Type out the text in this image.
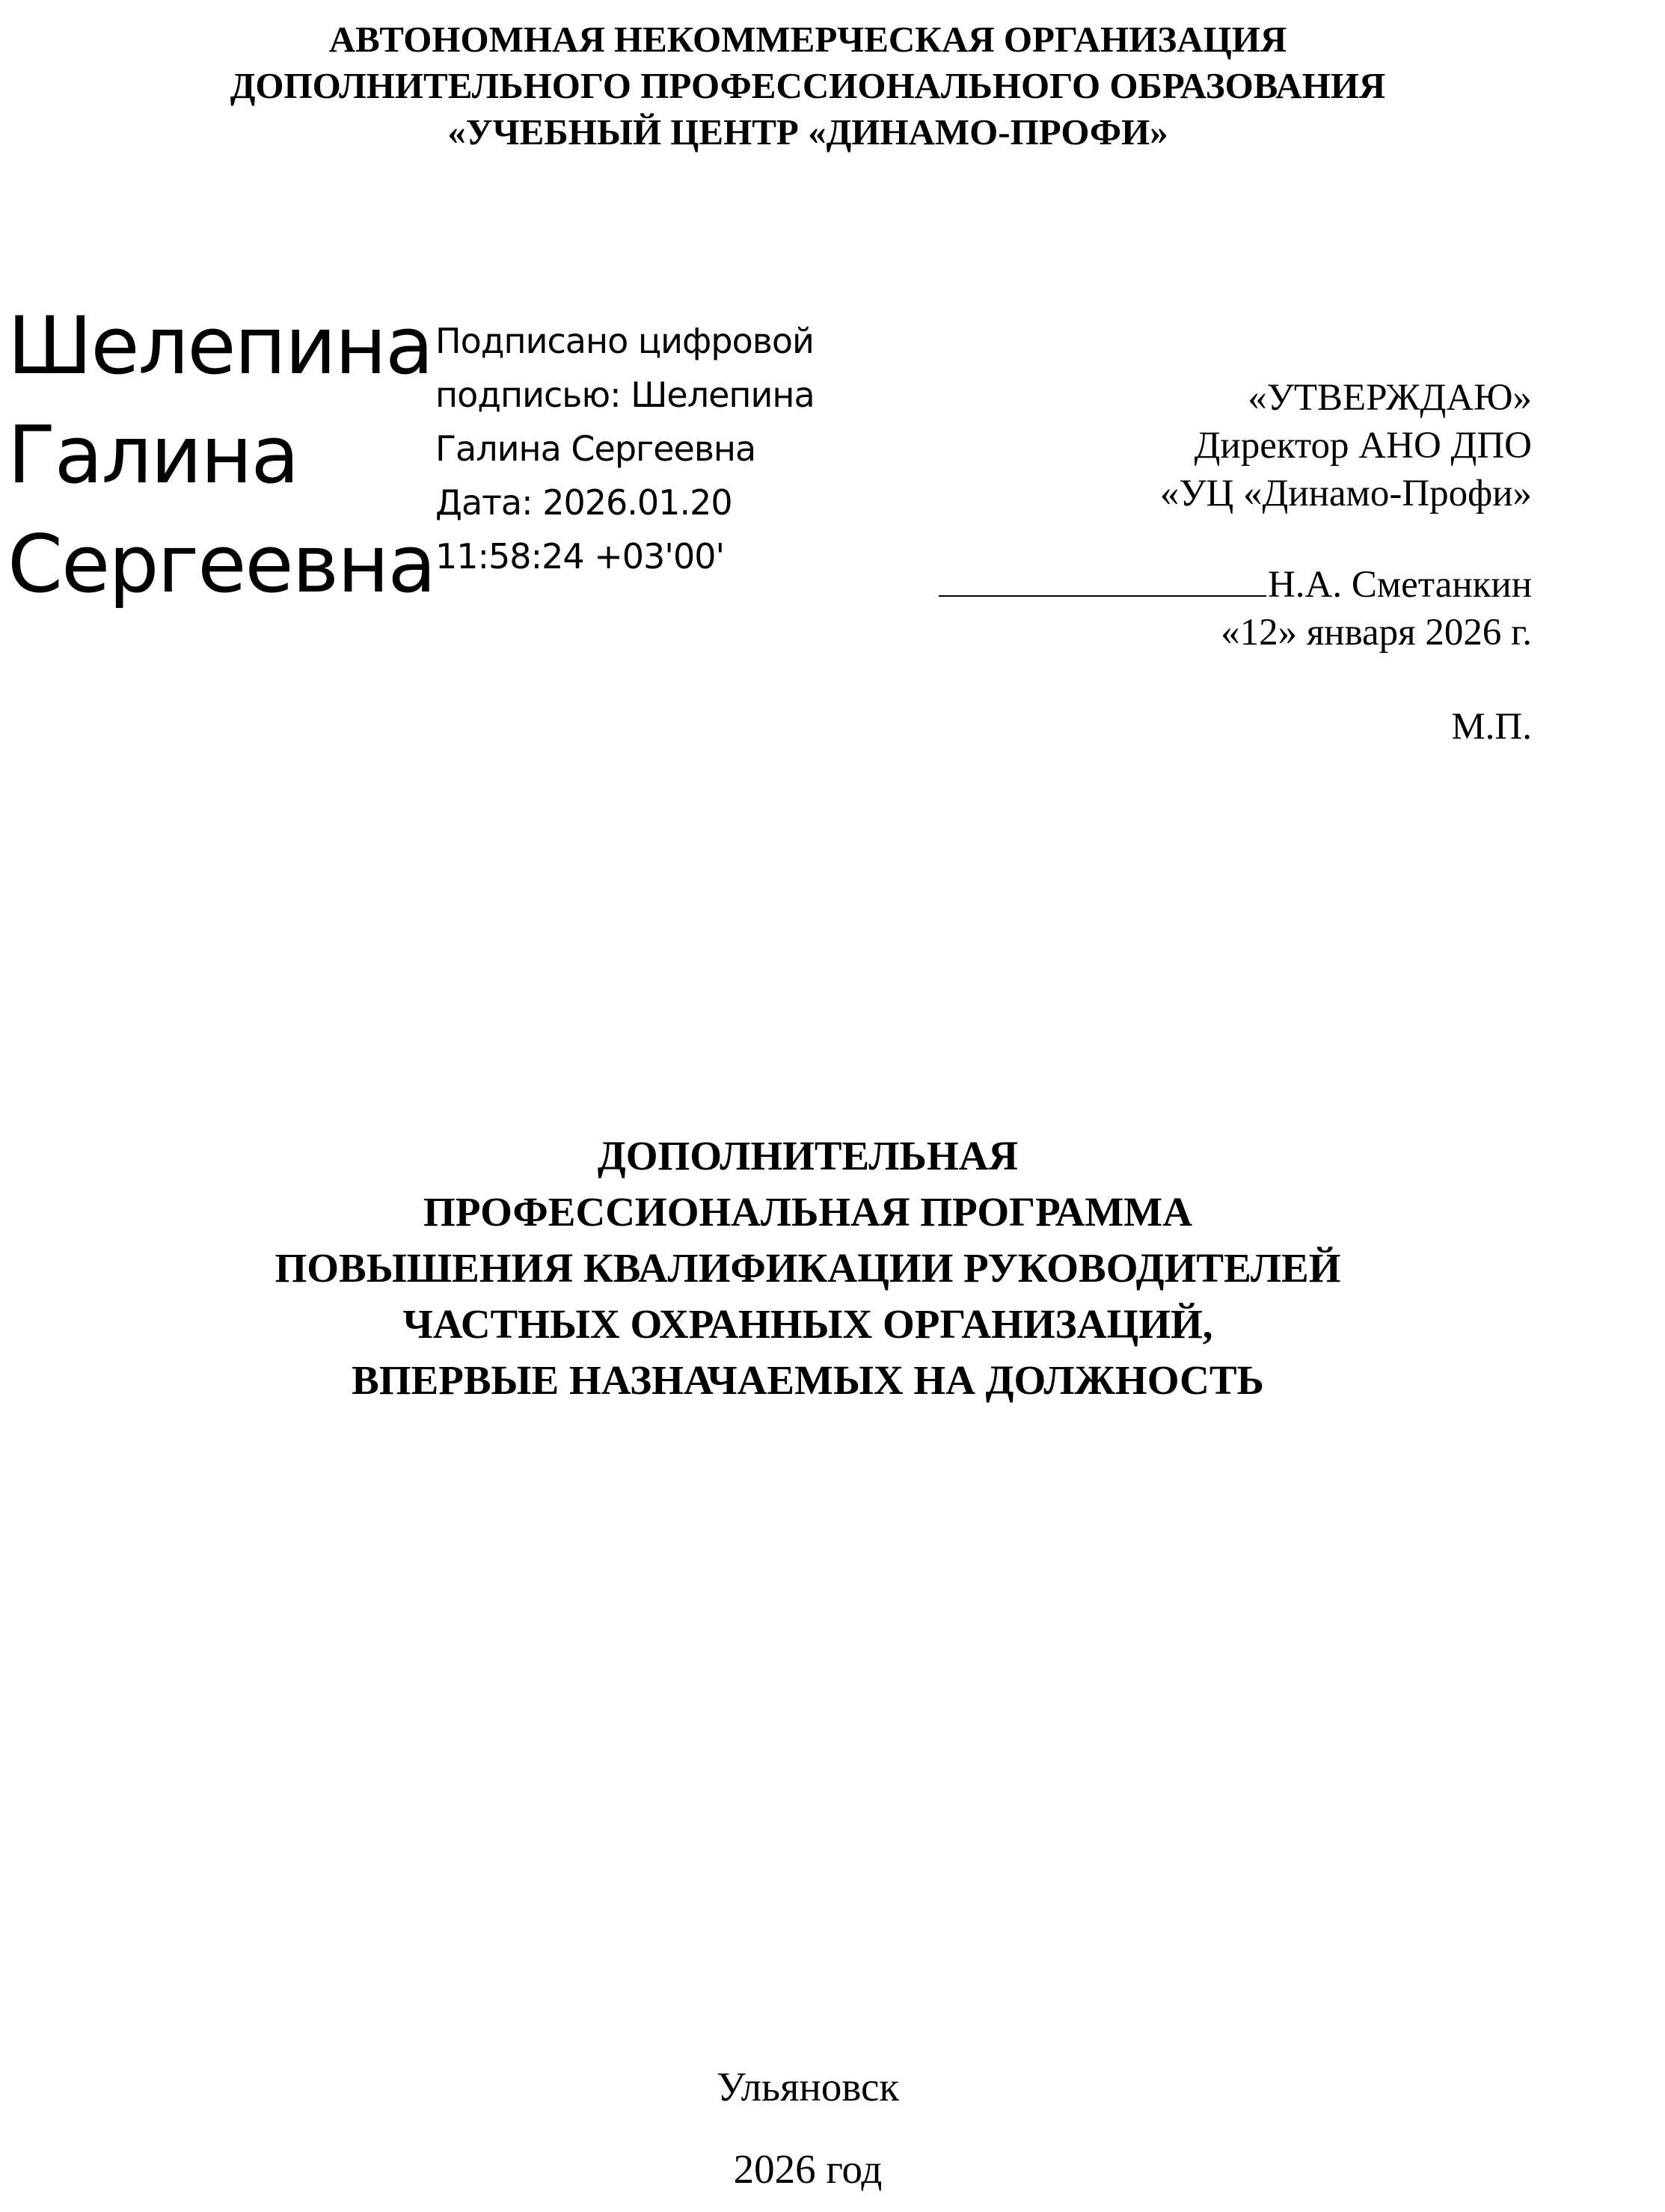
АВТОНОМНАЯ НЕКОММЕРЧЕСКАЯ ОРГАНИЗАЦИЯ
ДОПОЛНИТЕЛЬНОГО ПРОФЕССИОНАЛЬНОГО ОБРАЗОВАНИЯ
«УЧЕБНЫЙ ЦЕНТР «ДИНАМО-ПРОФИ»
Шелепина
Галина
Сергеевна
Подписано цифровой
подписью: Шелепина
Галина Сергеевна
Дата: 2026.01.20
11:58:24 +03'00'
«УТВЕРЖДАЮ»
Директор АНО ДПО
«УЦ «Динамо-Профи»
Н.А. Сметанкин
«12» января 2026 г.
М.П.
ДОПОЛНИТЕЛЬНАЯ
ПРОФЕССИОНАЛЬНАЯ ПРОГРАММА
ПОВЫШЕНИЯ КВАЛИФИКАЦИИ РУКОВОДИТЕЛЕЙ
ЧАСТНЫХ ОХРАННЫХ ОРГАНИЗАЦИЙ,
ВПЕРВЫЕ НАЗНАЧАЕМЫХ НА ДОЛЖНОСТЬ
Ульяновск
2026 год
